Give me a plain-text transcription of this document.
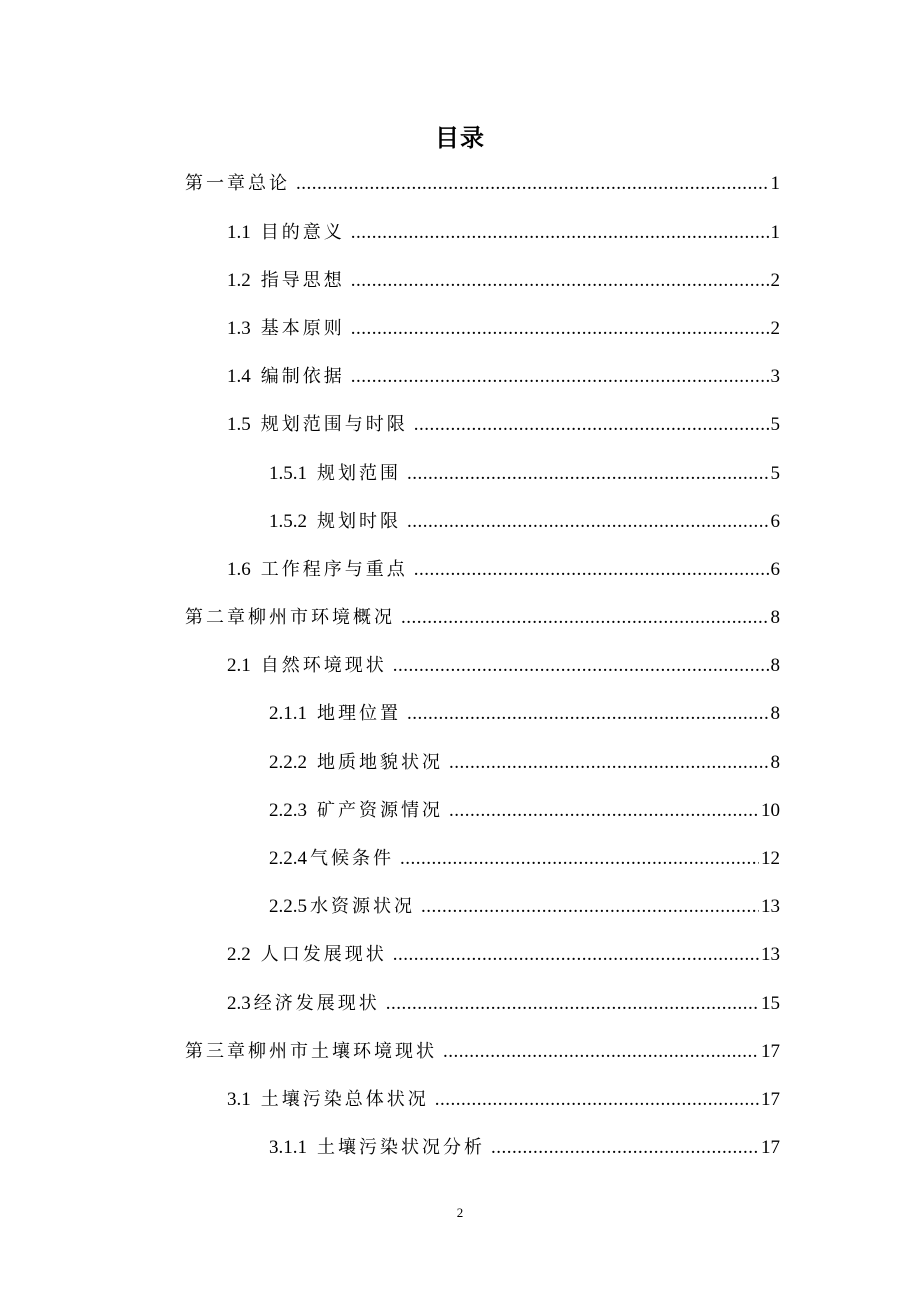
目录
第一章总论 .....	1
1.1 目的意义 .....	1
1.2 指导思想 .....	2
1.3 基本原则 .....	2
1.4 编制依据 .....	3
1.5 规划范围与时限 .....	5
1.5.1 规划范围 .....	5
1.5.2 规划时限 .....	6
1.6 工作程序与重点 .....	6
第二章柳州市环境概况 .....	8
2.1 自然环境现状 .....	8
2.1.1 地理位置 .....	8
2.2.2 地质地貌状况 .....	8
2.2.3 矿产资源情况 .....	10
2.2.4 气候条件 .....	12
2.2.5 水资源状况 .....	13
2.2 人口发展现状 .....	13
2.3 经济发展现状 .....	15
第三章柳州市土壤环境现状 .....	17
3.1 土壤污染总体状况 .....	17
3.1.1 土壤污染状况分析 .....	17
2
